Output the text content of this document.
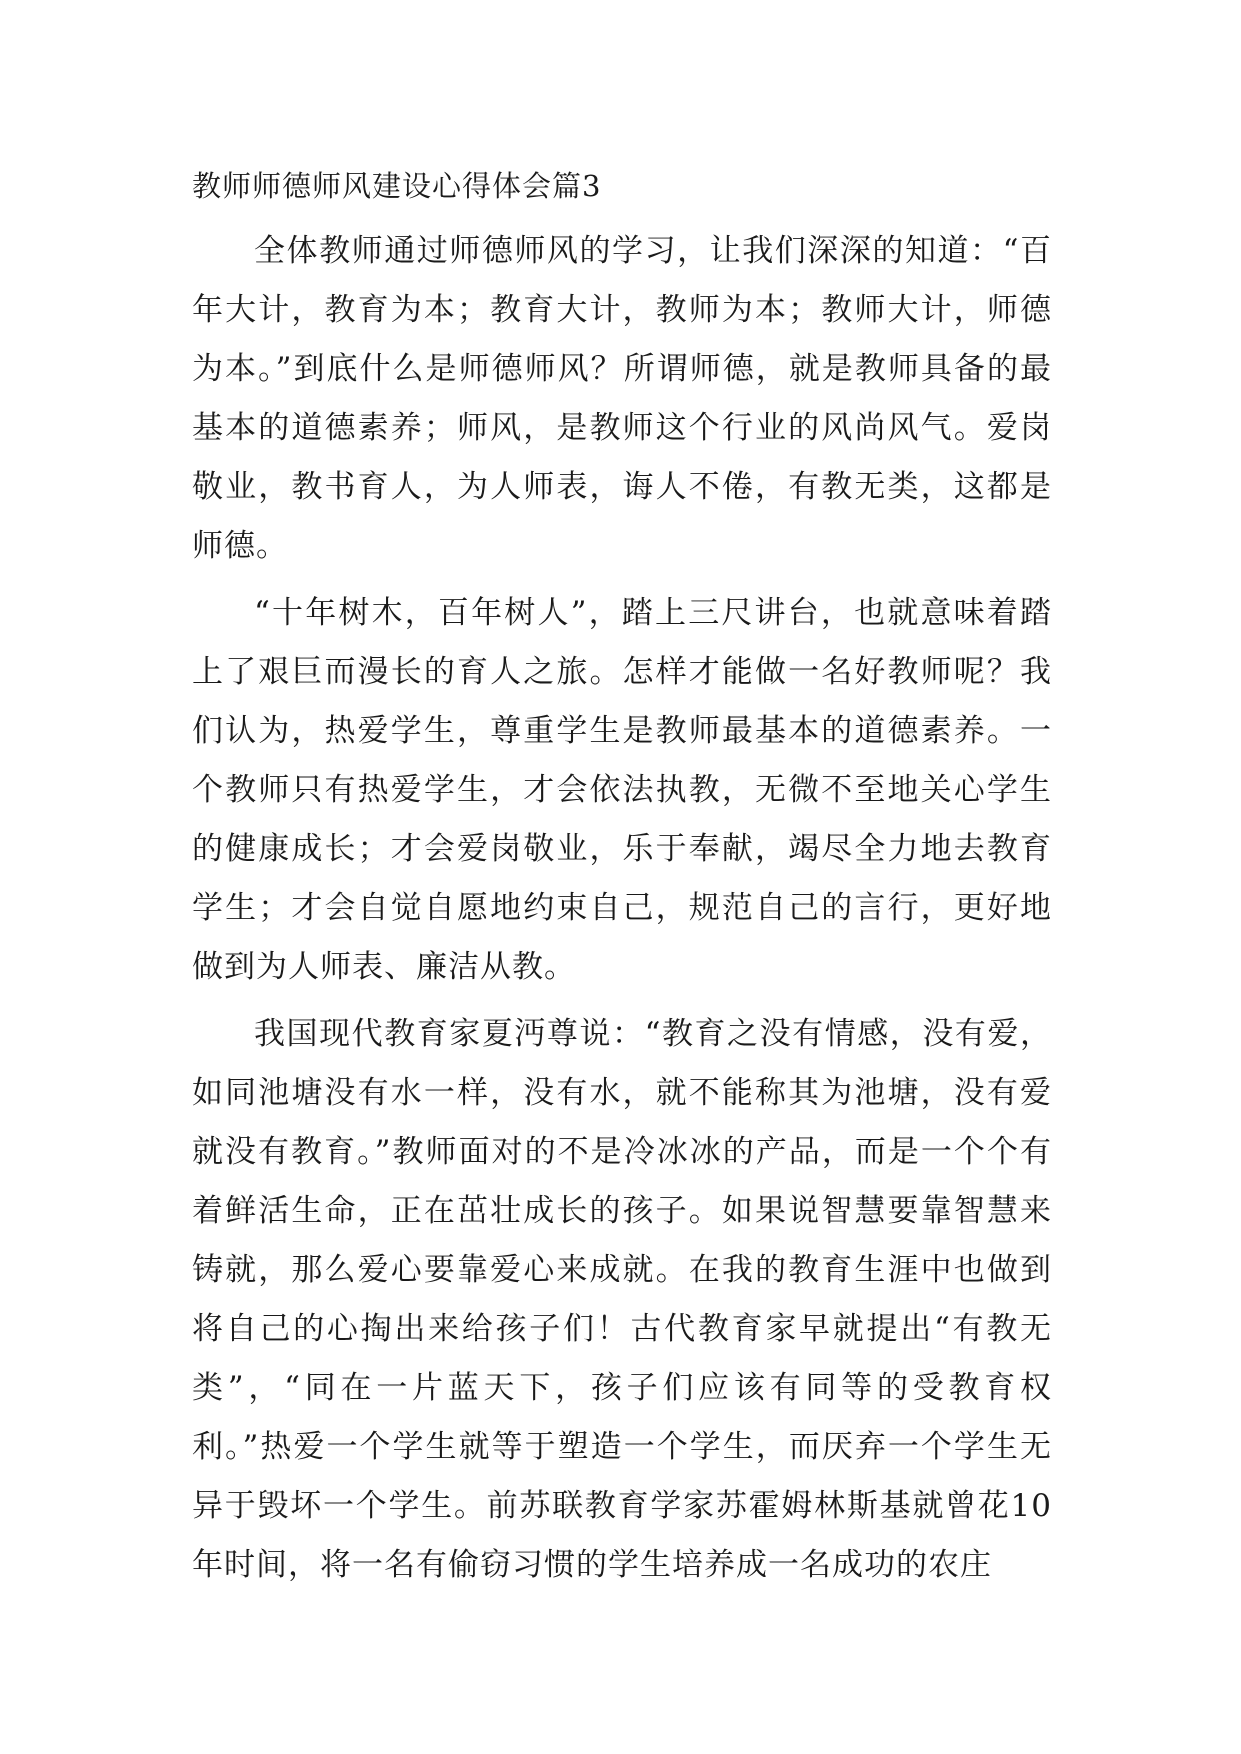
教师师德师风建设心得体会篇3

全体教师通过师德师风的学习，让我们深深的知道：“百年大计，教育为本；教育大计，教师为本；教师大计，师德为本。”到底什么是师德师风？所谓师德，就是教师具备的最基本的道德素养；师风，是教师这个行业的风尚风气。爱岗敬业，教书育人，为人师表，诲人不倦，有教无类，这都是师德。

“十年树木，百年树人”，踏上三尺讲台，也就意味着踏上了艰巨而漫长的育人之旅。怎样才能做一名好教师呢？我们认为，热爱学生，尊重学生是教师最基本的道德素养。一个教师只有热爱学生，才会依法执教，无微不至地关心学生的健康成长；才会爱岗敬业，乐于奉献，竭尽全力地去教育学生；才会自觉自愿地约束自己，规范自己的言行，更好地做到为人师表、廉洁从教。

我国现代教育家夏沔尊说：“教育之没有情感，没有爱，如同池塘没有水一样，没有水，就不能称其为池塘，没有爱就没有教育。”教师面对的不是冷冰冰的产品，而是一个个有着鲜活生命，正在茁壮成长的孩子。如果说智慧要靠智慧来铸就，那么爱心要靠爱心来成就。在我的教育生涯中也做到将自己的心掏出来给孩子们！古代教育家早就提出“有教无类”，“同在一片蓝天下，孩子们应该有同等的受教育权利。”热爱一个学生就等于塑造一个学生，而厌弃一个学生无异于毁坏一个学生。前苏联教育学家苏霍姆林斯基就曾花10年时间，将一名有偷窃习惯的学生培养成一名成功的农庄
